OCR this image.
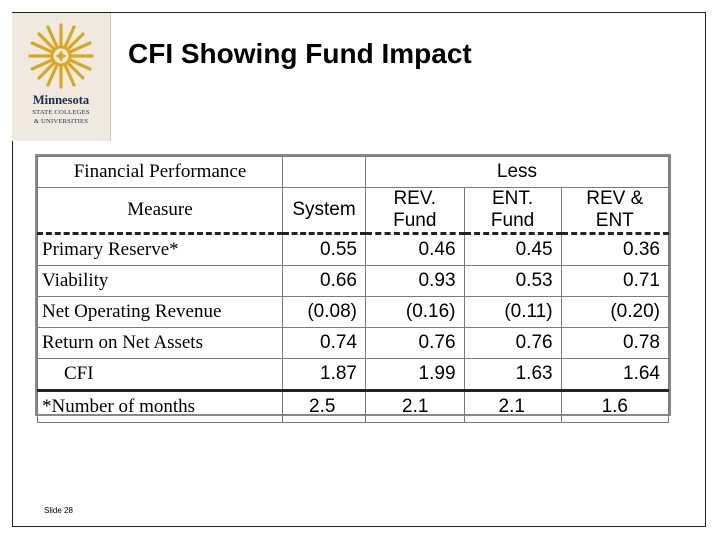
Minnesota
STATE COLLEGES
& UNIVERSITIES
CFI Showing Fund Impact
Financial Performance		Less		
Measure	System	REV. Fund	ENT. Fund	REV & ENT
Primary Reserve*	0.55	0.46	0.45	0.36
Viability	0.66	0.93	0.53	0.71
Net Operating Revenue	(0.08)	(0.16)	(0.11)	(0.20)
Return on Net Assets	0.74	0.76	0.76	0.78
CFI	1.87	1.99	1.63	1.64
*Number of months	2.5	2.1	2.1	1.6
Slide 28
